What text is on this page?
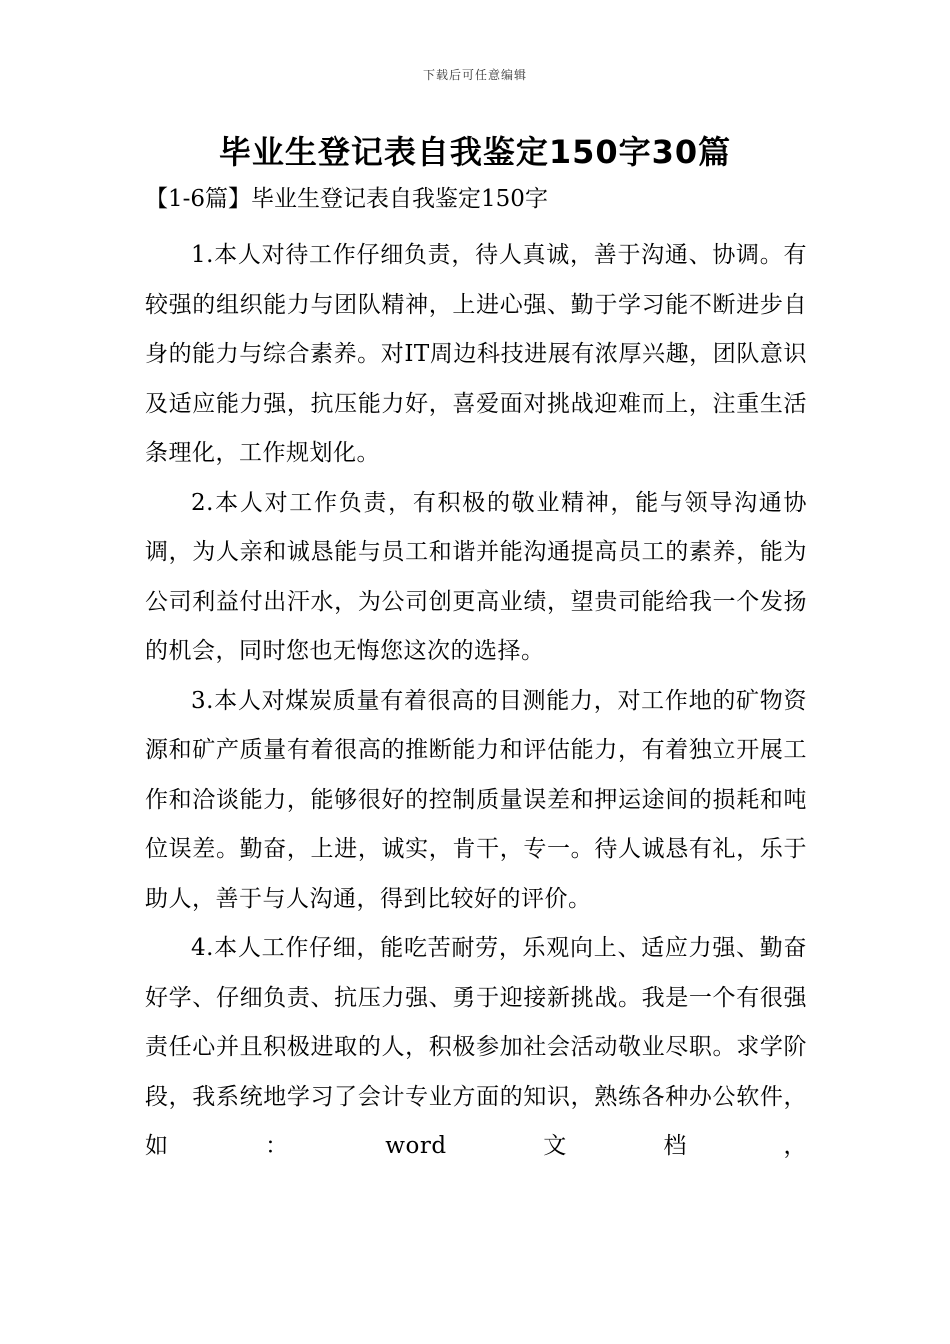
下载后可任意编辑
毕业生登记表自我鉴定150字30篇
【1-6篇】毕业生登记表自我鉴定150字

1.本人对待工作仔细负责，待人真诚，善于沟通、协调。有较强的组织能力与团队精神，上进心强、勤于学习能不断进步自身的能力与综合素养。对IT周边科技进展有浓厚兴趣，团队意识及适应能力强，抗压能力好，喜爱面对挑战迎难而上，注重生活条理化，工作规划化。

2.本人对工作负责，有积极的敬业精神，能与领导沟通协调，为人亲和诚恳能与员工和谐并能沟通提高员工的素养，能为公司利益付出汗水，为公司创更高业绩，望贵司能给我一个发扬的机会，同时您也无悔您这次的选择。

3.本人对煤炭质量有着很高的目测能力，对工作地的矿物资源和矿产质量有着很高的推断能力和评估能力，有着独立开展工作和洽谈能力，能够很好的控制质量误差和押运途间的损耗和吨位误差。勤奋，上进，诚实，肯干，专一。待人诚恳有礼，乐于助人，善于与人沟通，得到比较好的评价。

4.本人工作仔细，能吃苦耐劳，乐观向上、适应力强、勤奋好学、仔细负责、抗压力强、勇于迎接新挑战。我是一个有很强责任心并且积极进取的人，积极参加社会活动敬业尽职。求学阶段，我系统地学习了会计专业方面的知识，熟练各种办公软件，如：word文档，
